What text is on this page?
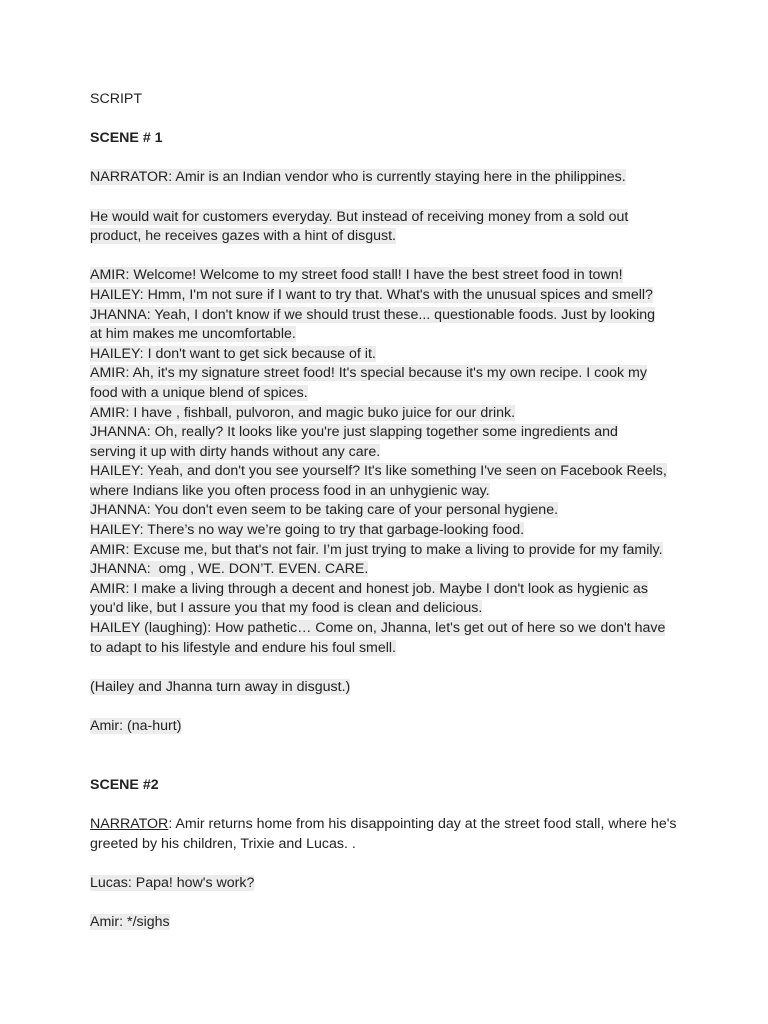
SCRIPT
SCENE # 1
NARRATOR: Amir is an Indian vendor who is currently staying here in the philippines.
He would wait for customers everyday. But instead of receiving money from a sold out
product, he receives gazes with a hint of disgust.
AMIR: Welcome! Welcome to my street food stall! I have the best street food in town!
HAILEY: Hmm, I'm not sure if I want to try that. What's with the unusual spices and smell?
JHANNA: Yeah, I don't know if we should trust these... questionable foods. Just by looking
at him makes me uncomfortable.
HAILEY: I don't want to get sick because of it.
AMIR: Ah, it's my signature street food! It's special because it's my own recipe. I cook my
food with a unique blend of spices.
AMIR: I have , fishball, pulvoron, and magic buko juice for our drink.
JHANNA: Oh, really? It looks like you're just slapping together some ingredients and
serving it up with dirty hands without any care.
HAILEY: Yeah, and don't you see yourself? It's like something I've seen on Facebook Reels,
where Indians like you often process food in an unhygienic way.
JHANNA: You don't even seem to be taking care of your personal hygiene.
HAILEY: There’s no way we’re going to try that garbage-looking food.
AMIR: Excuse me, but that's not fair. I’m just trying to make a living to provide for my family.
JHANNA:  omg , WE. DON’T. EVEN. CARE.
AMIR: I make a living through a decent and honest job. Maybe I don't look as hygienic as
you'd like, but I assure you that my food is clean and delicious.
HAILEY (laughing): How pathetic… Come on, Jhanna, let's get out of here so we don't have
to adapt to his lifestyle and endure his foul smell.
(Hailey and Jhanna turn away in disgust.)
Amir: (na-hurt)
SCENE #2
NARRATOR: Amir returns home from his disappointing day at the street food stall, where he's
greeted by his children, Trixie and Lucas. .
Lucas: Papa! how's work?
Amir: */sighs
